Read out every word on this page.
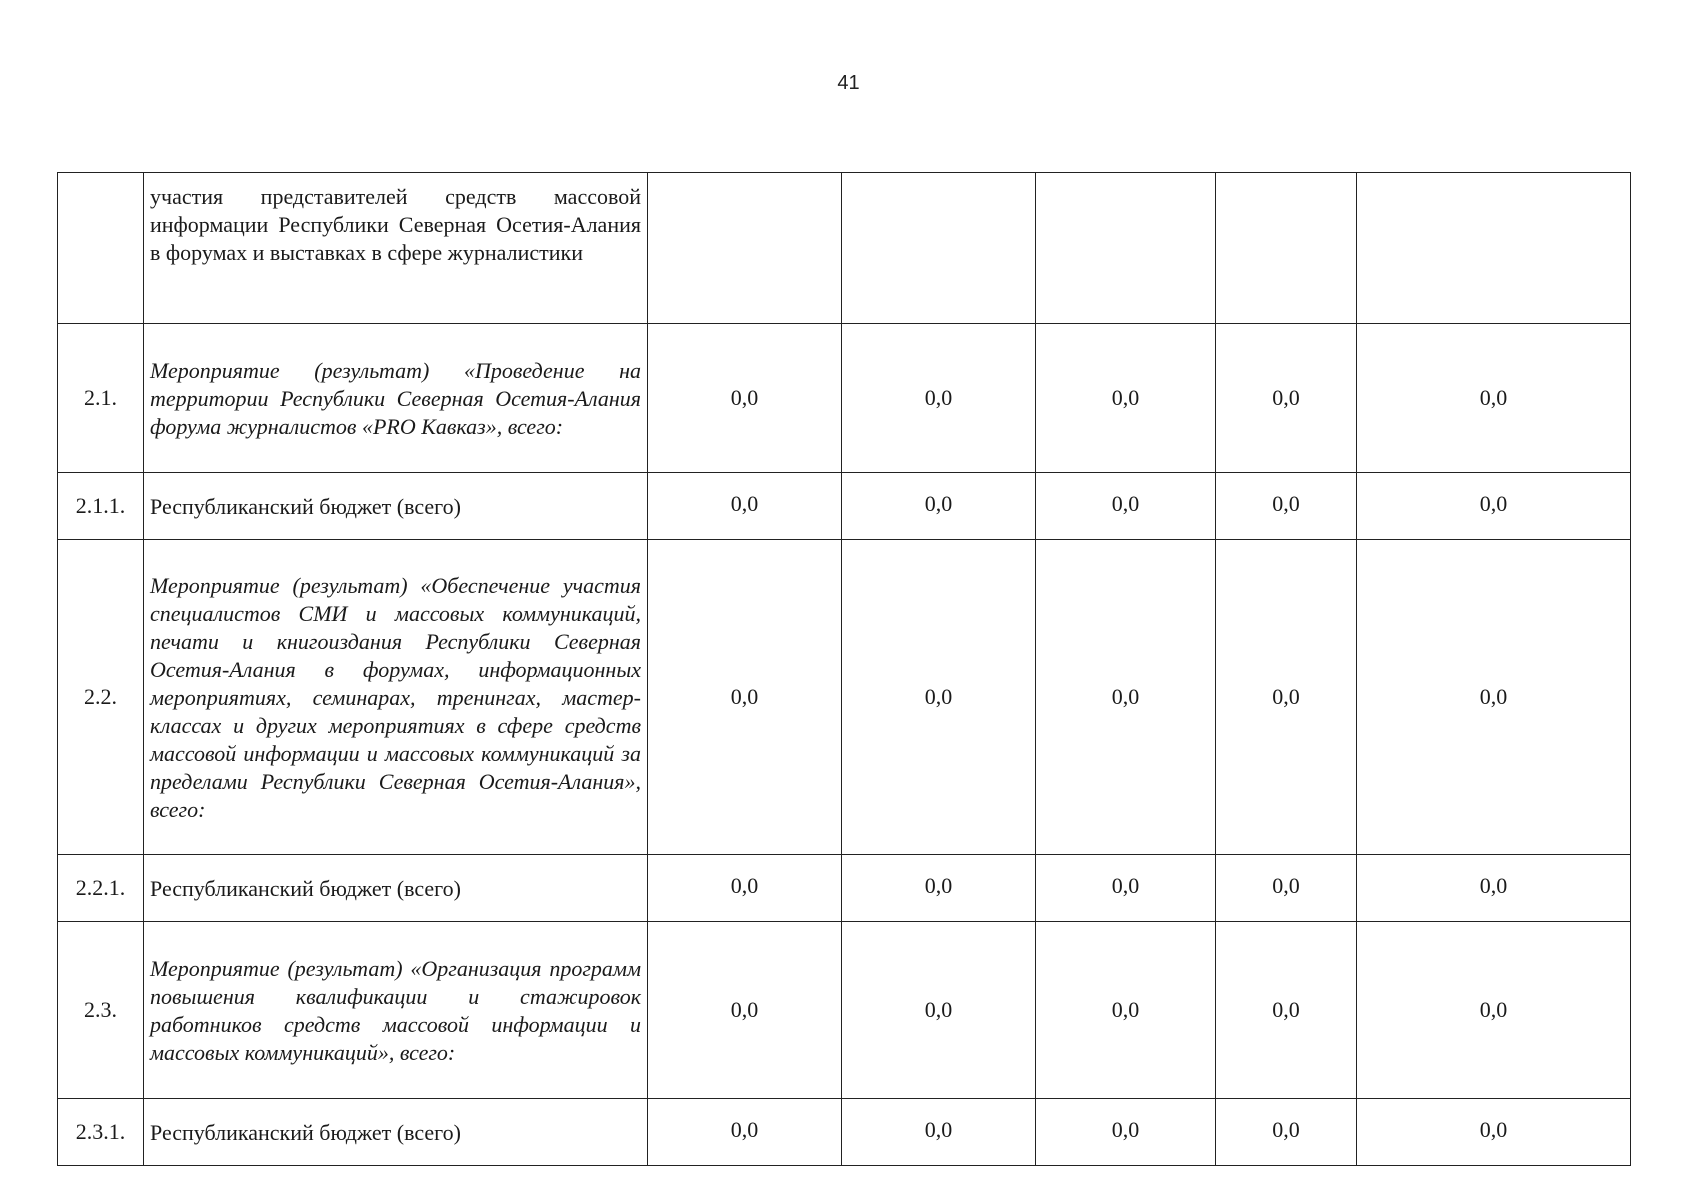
41
	участия представителей средств массовой информации Республики Северная Осетия-Алания в форумах и выставках в сфере журналистики					
2.1.	Мероприятие (результат) «Проведение на территории Республики Северная Осетия-Алания форума журналистов «PRO Кавказ», всего:	0,0	0,0	0,0	0,0	0,0
2.1.1.	Республиканский бюджет (всего)	0,0	0,0	0,0	0,0	0,0
2.2.	Мероприятие (результат) «Обеспечение участия специалистов СМИ и массовых коммуникаций, печати и книгоиздания Республики Северная Осетия-Алания в форумах, информационных мероприятиях, семинарах, тренингах, мастер-классах и других мероприятиях в сфере средств массовой информации и массовых коммуникаций за пределами Республики Северная Осетия-Алания», всего:	0,0	0,0	0,0	0,0	0,0
2.2.1.	Республиканский бюджет (всего)	0,0	0,0	0,0	0,0	0,0
2.3.	Мероприятие (результат) «Организация программ повышения квалификации и стажировок работников средств массовой информации и массовых коммуникаций», всего:	0,0	0,0	0,0	0,0	0,0
2.3.1.	Республиканский бюджет (всего)	0,0	0,0	0,0	0,0	0,0
